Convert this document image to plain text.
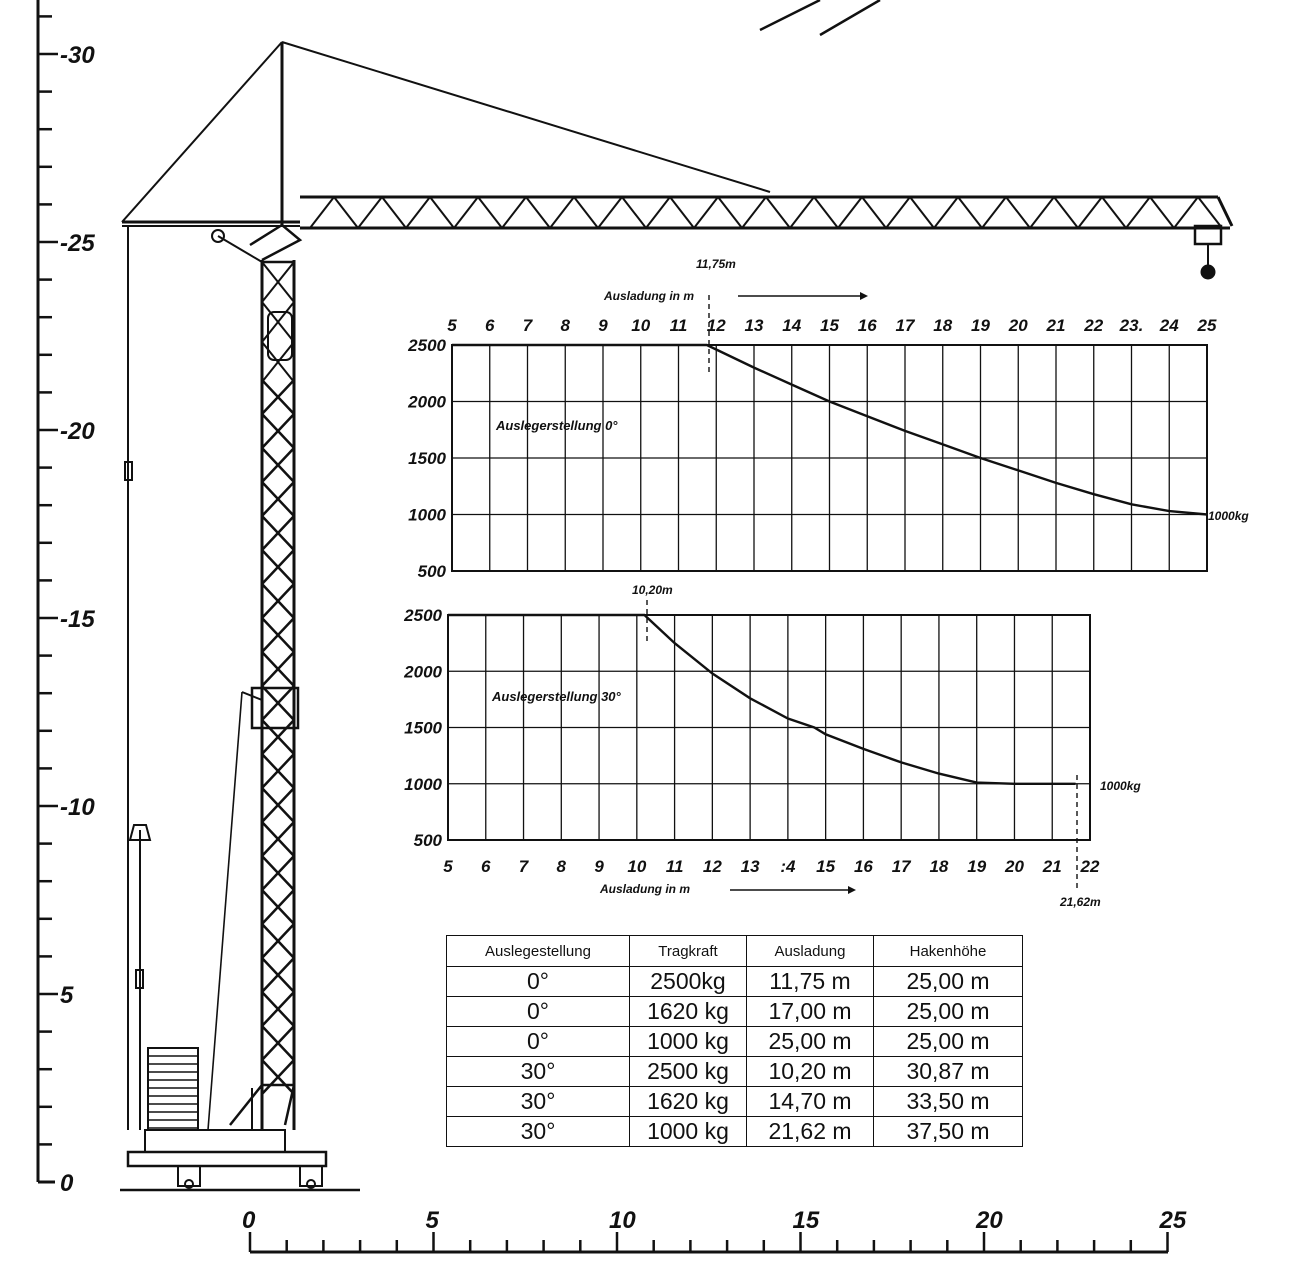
0
5
-10
-15
-20
-25
-30
0	5	10	15	20	25
2500
2000
1500
1000
500
5 6 7 8 9 10 11 12 13 14 15 16 17 18 19 20 21 22 23. 24 25
11,75m
Ausladung in m
Auslegerstellung 0°
1000kg
2500
2000
1500
1000
500
5 6 7 8 9 10 11 12 13 :4 15 16 17 18 19 20 21 22
10,20m
21,62m
Ausladung in m
Auslegerstellung 30°
1000kg
Auslegestellung	Tragkraft	Ausladung	Hakenhöhe
0°	2500kg	11,75 m	25,00 m
0°	1620 kg	17,00 m	25,00 m
0°	1000 kg	25,00 m	25,00 m
30°	2500 kg	10,20 m	30,87 m
30°	1620 kg	14,70 m	33,50 m
30°	1000 kg	21,62 m	37,50 m
